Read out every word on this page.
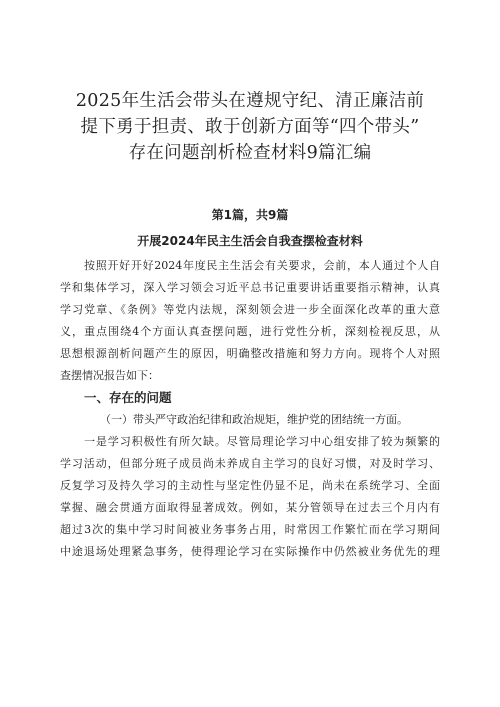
2025年生活会带头在遵规守纪、清正廉洁前
提下勇于担责、敢于创新方面等“四个带头”
存在问题剖析检查材料9篇汇编
第1篇，共9篇
开展2024年民主生活会自我查摆检查材料
按照开好开好2024年度民主生活会有关要求，会前，本人通过个人自
学和集体学习，深入学习领会习近平总书记重要讲话重要指示精神，认真
学习党章、《条例》等党内法规，深刻领会进一步全面深化改革的重大意
义，重点围绕4个方面认真查摆问题，进行党性分析，深刻检视反思，从
思想根源剖析问题产生的原因，明确整改措施和努力方向。现将个人对照
查摆情况报告如下：
一、存在的问题
（一）带头严守政治纪律和政治规矩，维护党的团结统一方面。
一是学习积极性有所欠缺。尽管局理论学习中心组安排了较为频繁的
学习活动，但部分班子成员尚未养成自主学习的良好习惯，对及时学习、
反复学习及持久学习的主动性与坚定性仍显不足，尚未在系统学习、全面
掌握、融会贯通方面取得显著成效。例如，某分管领导在过去三个月内有
超过3次的集中学习时间被业务事务占用，时常因工作繁忙而在学习期间
中途退场处理紧急事务，使得理论学习在实际操作中仍然被业务优先的理
